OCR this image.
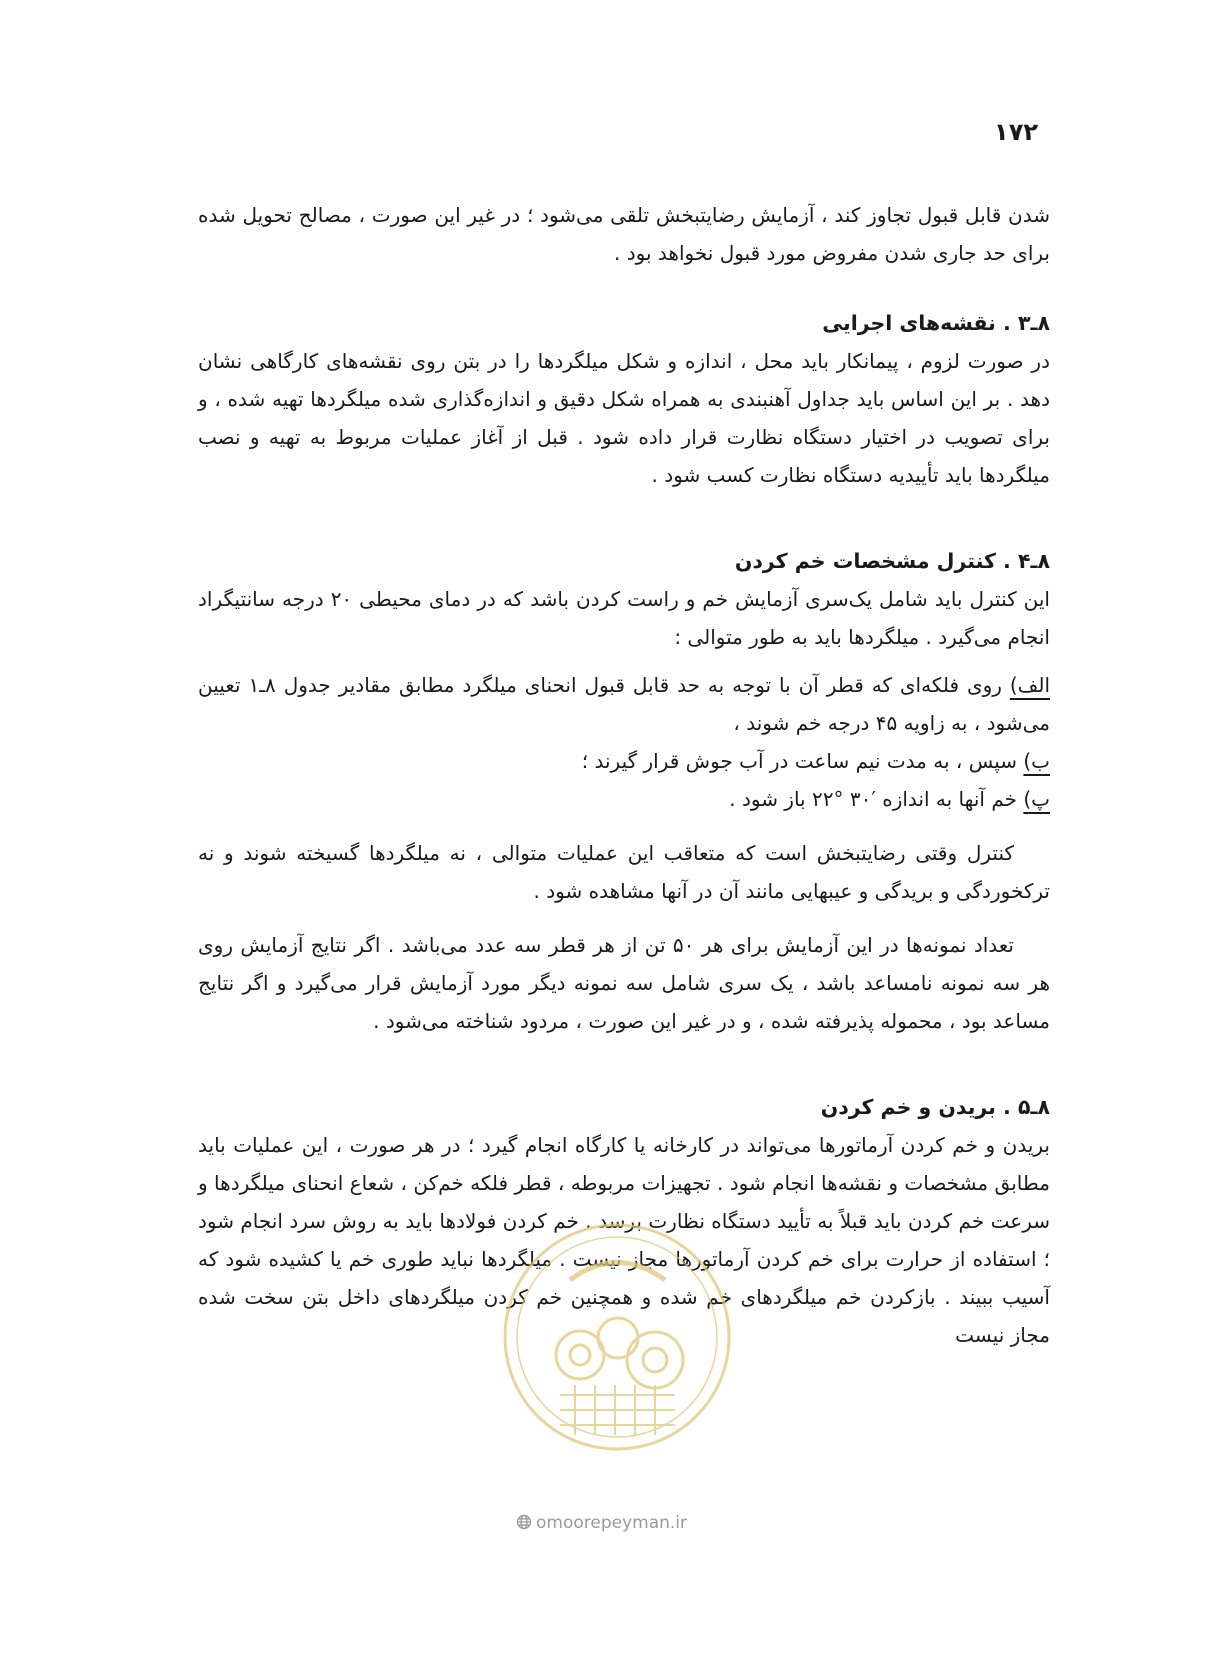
۱۷۲

شدن قابل قبول تجاوز کند ، آزمایش رضایتبخش تلقی می‌شود ؛ در غیر این صورت ، مصالح تحویل شده برای حد جاری شدن مفروض مورد قبول نخواهد بود .

۸ـ۳ . نقشه‌های اجرایی

در صورت لزوم ، پیمانکار باید محل ، اندازه و شکل میلگردها را در بتن روی نقشه‌های کارگاهی نشان دهد . بر این اساس باید جداول آهنبندی به همراه شکل دقیق و اندازه‌گذاری شده میلگردها تهیه شده ، و برای تصویب در اختیار دستگاه نظارت قرار داده شود . قبل از آغاز عملیات مربوط به تهیه و نصب میلگردها باید تأییدیه دستگاه نظارت کسب شود .

۸ـ۴ . کنترل مشخصات خم کردن

این کنترل باید شامل یک‌سری آزمایش خم و راست کردن باشد که در دمای محیطی ۲۰ درجه سانتیگراد انجام می‌گیرد . میلگردها باید به طور متوالی :

الف) روی فلکه‌ای که قطر آن با توجه به حد قابل قبول انحنای میلگرد مطابق مقادیر جدول ۸ـ۱ تعیین می‌شود ، به زاویه ۴۵ درجه خم شوند ،
ب) سپس ، به مدت نیم ساعت در آب جوش قرار گیرند ؛
پ) خم آنها به اندازه ′۳۰ °۲۲ باز شود .

کنترل وقتی رضایتبخش است که متعاقب این عملیات متوالی ، نه میلگردها گسیخته شوند و نه ترکخوردگی و بریدگی و عیبهایی مانند آن در آنها مشاهده شود .

تعداد نمونه‌ها در این آزمایش برای هر ۵۰ تن از هر قطر سه عدد می‌باشد . اگر نتایج آزمایش روی هر سه نمونه نامساعد باشد ، یک سری شامل سه نمونه دیگر مورد آزمایش قرار می‌گیرد و اگر نتایج مساعد بود ، محموله پذیرفته شده ، و در غیر این صورت ، مردود شناخته می‌شود .

۸ـ۵ . بریدن و خم کردن

بریدن و خم کردن آرماتورها می‌تواند در کارخانه یا کارگاه انجام گیرد ؛ در هر صورت ، این عملیات باید مطابق مشخصات و نقشه‌ها انجام شود . تجهیزات مربوطه ، قطر فلکه خم‌کن ، شعاع انحنای میلگردها و سرعت خم کردن باید قبلاً به تأیید دستگاه نظارت برسد . خم کردن فولادها باید به روش سرد انجام شود ؛ استفاده از حرارت برای خم کردن آرماتورها مجاز نیست . میلگردها نباید طوری خم یا کشیده شود که آسیب ببیند . بازکردن خم میلگردهای خم شده و همچنین خم کردن میلگردهای داخل بتن سخت شده مجاز نیست

omoorepeyman.ir
